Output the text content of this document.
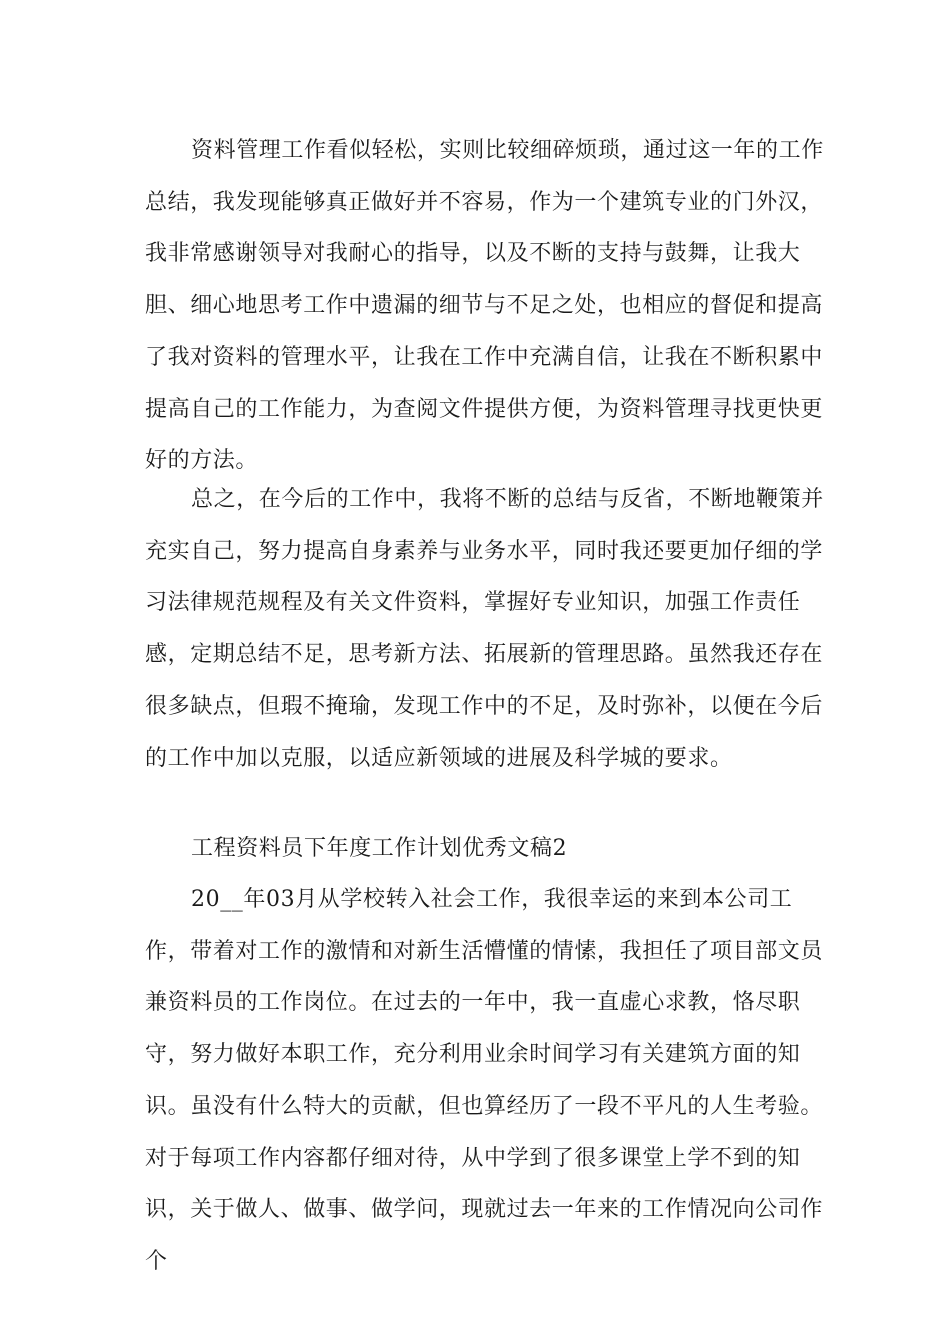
资料管理工作看似轻松，实则比较细碎烦琐，通过这一年的工作总结，我发现能够真正做好并不容易，作为一个建筑专业的门外汉，我非常感谢领导对我耐心的指导，以及不断的支持与鼓舞，让我大胆、细心地思考工作中遗漏的细节与不足之处，也相应的督促和提高了我对资料的管理水平，让我在工作中充满自信，让我在不断积累中提高自己的工作能力，为查阅文件提供方便，为资料管理寻找更快更好的方法。

总之，在今后的工作中，我将不断的总结与反省，不断地鞭策并充实自己，努力提高自身素养与业务水平，同时我还要更加仔细的学习法律规范规程及有关文件资料，掌握好专业知识，加强工作责任感，定期总结不足，思考新方法、拓展新的管理思路。虽然我还存在很多缺点，但瑕不掩瑜，发现工作中的不足，及时弥补，以便在今后的工作中加以克服，以适应新领域的进展及科学城的要求。

工程资料员下年度工作计划优秀文稿2

20__年03月从学校转入社会工作，我很幸运的来到本公司工作，带着对工作的激情和对新生活懵懂的情愫，我担任了项目部文员兼资料员的工作岗位。在过去的一年中，我一直虚心求教，恪尽职守，努力做好本职工作，充分利用业余时间学习有关建筑方面的知识。虽没有什么特大的贡献，但也算经历了一段不平凡的人生考验。对于每项工作内容都仔细对待，从中学到了很多课堂上学不到的知识，关于做人、做事、做学问，现就过去一年来的工作情况向公司作个
